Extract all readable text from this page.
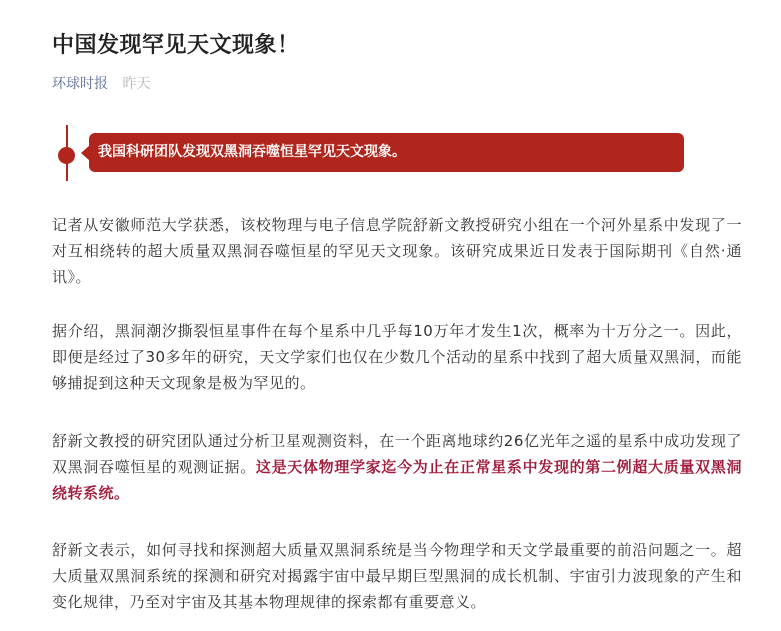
中国发现罕见天文现象！
环球时报 昨天
我国科研团队发现双黑洞吞噬恒星罕见天文现象。

记者从安徽师范大学获悉，该校物理与电子信息学院舒新文教授研究小组在一个河外星系中发现了一对互相绕转的超大质量双黑洞吞噬恒星的罕见天文现象。该研究成果近日发表于国际期刊《自然·通讯》。

据介绍，黑洞潮汐撕裂恒星事件在每个星系中几乎每10万年才发生1次，概率为十万分之一。因此，即便是经过了30多年的研究，天文学家们也仅在少数几个活动的星系中找到了超大质量双黑洞，而能够捕捉到这种天文现象是极为罕见的。

舒新文教授的研究团队通过分析卫星观测资料，在一个距离地球约26亿光年之遥的星系中成功发现了双黑洞吞噬恒星的观测证据。这是天体物理学家迄今为止在正常星系中发现的第二例超大质量双黑洞绕转系统。

舒新文表示，如何寻找和探测超大质量双黑洞系统是当今物理学和天文学最重要的前沿问题之一。超大质量双黑洞系统的探测和研究对揭露宇宙中最早期巨型黑洞的成长机制、宇宙引力波现象的产生和变化规律，乃至对宇宙及其基本物理规律的探索都有重要意义。
